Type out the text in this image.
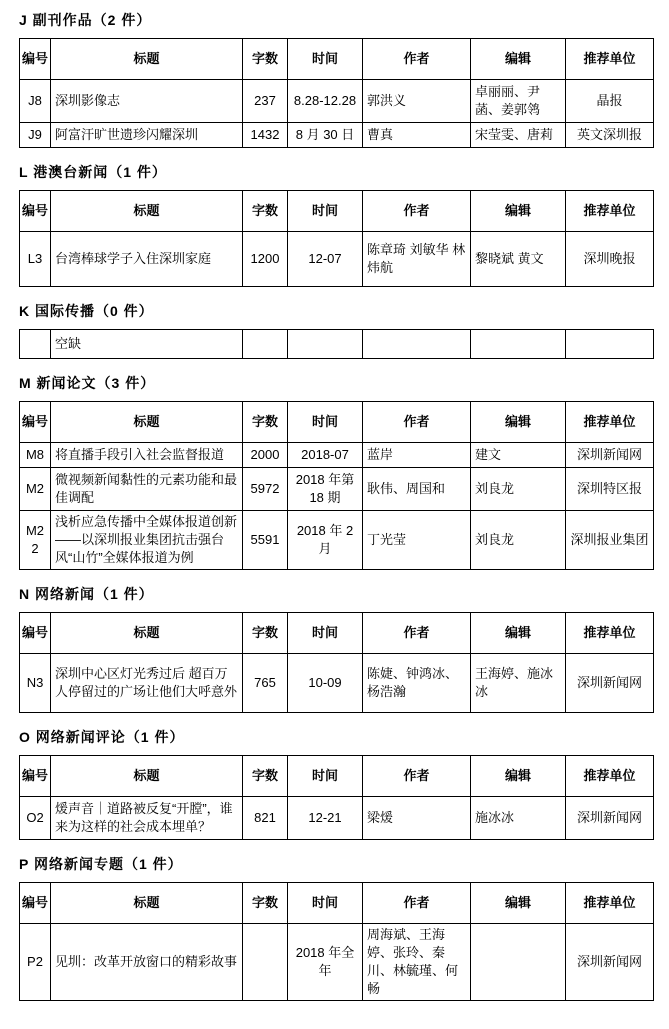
J 副刊作品（2 件）
编号	标题	字数	时间	作者	编辑	推荐单位
J8	深圳影像志	237	8.28-12.28	郭洪义	卓丽丽、尹菡、姜郭鸰	晶报
J9	阿富汗旷世遗珍闪耀深圳	1432	8 月 30 日	曹真	宋莹雯、唐莉	英文深圳报
L 港澳台新闻（1 件）
编号	标题	字数	时间	作者	编辑	推荐单位
L3	台湾棒球学子入住深圳家庭	1200	12-07	陈章琦 刘敏华 林炜航	黎晓斌 黄文	深圳晚报
K 国际传播（0 件）
	空缺					
M 新闻论文（3 件）
编号	标题	字数	时间	作者	编辑	推荐单位
M8	将直播手段引入社会监督报道	2000	2018-07	蓝岸	建文	深圳新闻网
M2	微视频新闻黏性的元素功能和最佳调配	5972	2018 年第 18 期	耿伟、周国和	刘良龙	深圳特区报
M22	浅析应急传播中全媒体报道创新 ——以深圳报业集团抗击强台风“山竹”全媒体报道为例	5591	2018 年 2 月	丁光莹	刘良龙	深圳报业集团
N 网络新闻（1 件）
编号	标题	字数	时间	作者	编辑	推荐单位
N3	深圳中心区灯光秀过后 超百万人停留过的广场让他们大呼意外	765	10-09	陈婕、钟鸿冰、杨浩瀚	王海婷、施冰冰	深圳新闻网
O 网络新闻评论（1 件）
编号	标题	字数	时间	作者	编辑	推荐单位
O2	煖声音｜道路被反复“开膛”，谁来为这样的社会成本埋单？	821	12-21	梁煖	施冰冰	深圳新闻网
P 网络新闻专题（1 件）
编号	标题	字数	时间	作者	编辑	推荐单位
P2	见圳：改革开放窗口的精彩故事		2018 年全年	周海斌、王海婷、张玲、秦川、林毓瑾、何畅		深圳新闻网
